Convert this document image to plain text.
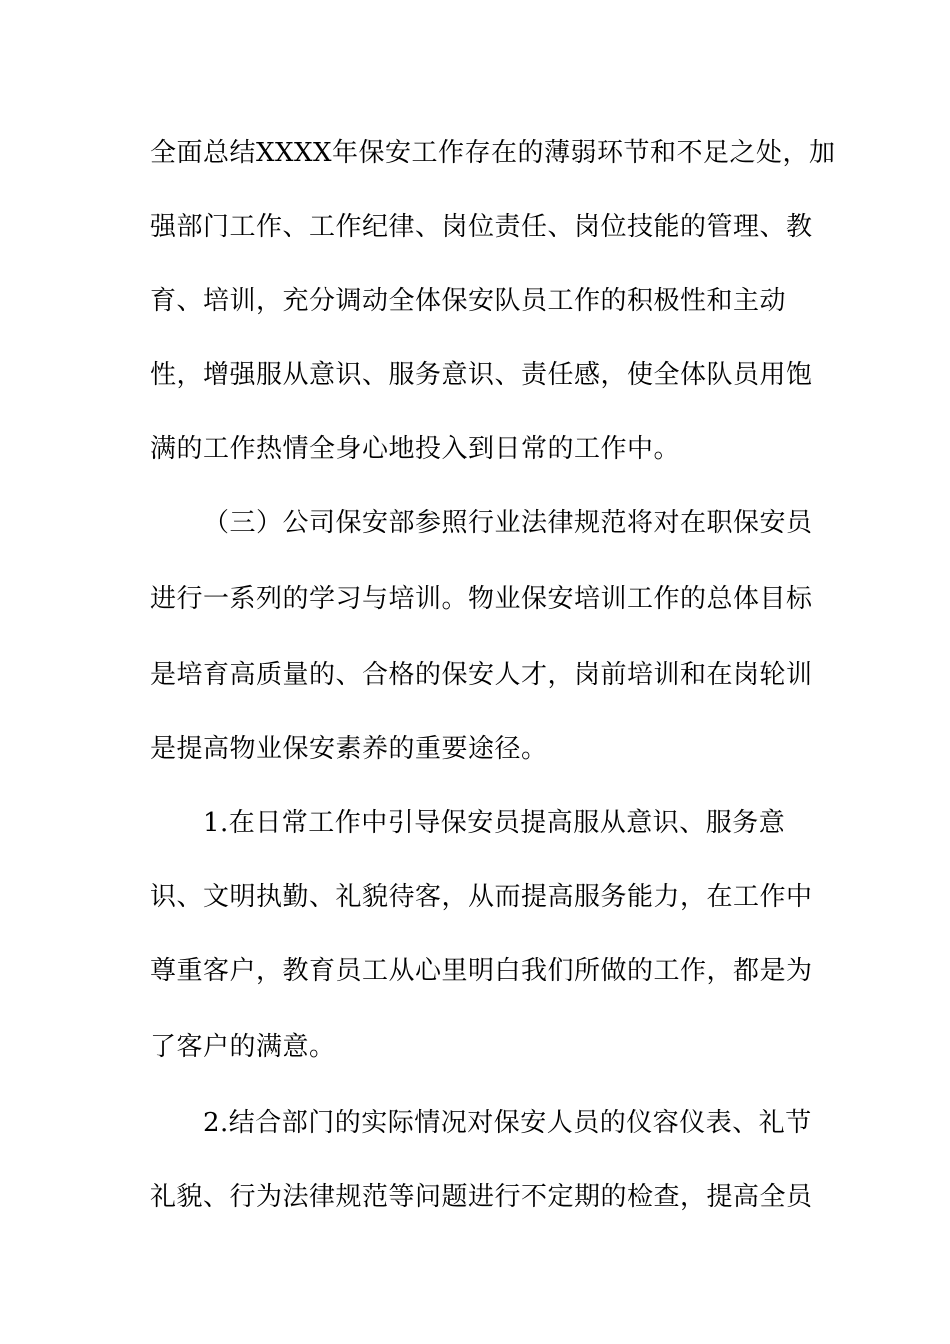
全面总结XXXX年保安工作存在的薄弱环节和不足之处，加
强部门工作、工作纪律、岗位责任、岗位技能的管理、教
育、培训，充分调动全体保安队员工作的积极性和主动
性，增强服从意识、服务意识、责任感，使全体队员用饱
满的工作热情全身心地投入到日常的工作中。
（三）公司保安部参照行业法律规范将对在职保安员
进行一系列的学习与培训。物业保安培训工作的总体目标
是培育高质量的、合格的保安人才，岗前培训和在岗轮训
是提高物业保安素养的重要途径。
1.在日常工作中引导保安员提高服从意识、服务意
识、文明执勤、礼貌待客，从而提高服务能力，在工作中
尊重客户，教育员工从心里明白我们所做的工作，都是为
了客户的满意。
2.结合部门的实际情况对保安人员的仪容仪表、礼节
礼貌、行为法律规范等问题进行不定期的检查，提高全员
